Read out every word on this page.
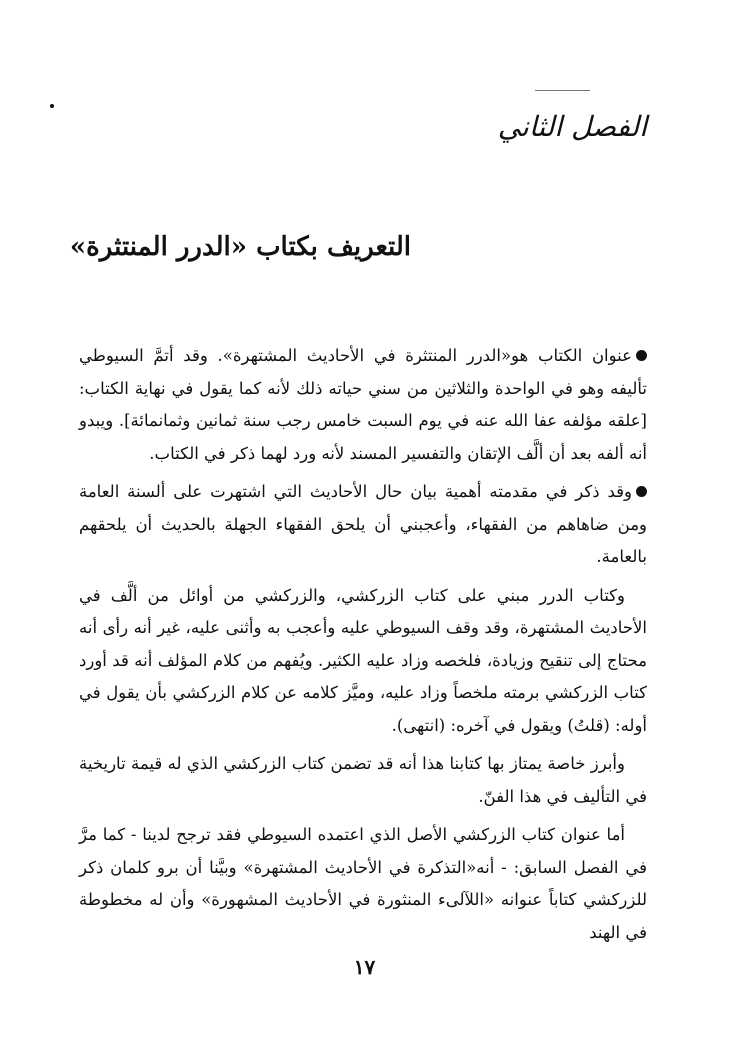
الفصل الثاني
التعريف بكتاب «الدرر المنتثرة»

عنوان الكتاب هو«الدرر المنتثرة في الأحاديث المشتهرة». وقد أتمَّ السيوطي تأليفه وهو في الواحدة والثلاثين من سني حياته ذلك لأنه كما يقول في نهاية الكتاب: [علقه مؤلفه عفا الله عنه في يوم السبت خامس رجب سنة ثمانين وثمانمائة]. ويبدو أنه ألفه بعد أن ألَّف الإتقان والتفسير المسند لأنه ورد لهما ذكر في الكتاب.

وقد ذكر في مقدمته أهمية بيان حال الأحاديث التي اشتهرت على ألسنة العامة ومن ضاهاهم من الفقهاء، وأعجبني أن يلحق الفقهاء الجهلة بالحديث أن يلحقهم بالعامة.

وكتاب الدرر مبني على كتاب الزركشي، والزركشي من أوائل من ألَّف في الأحاديث المشتهرة، وقد وقف السيوطي عليه وأعجب به وأثنى عليه، غير أنه رأى أنه محتاج إلى تنقيح وزيادة، فلخصه وزاد عليه الكثير. ويُفهم من كلام المؤلف أنه قد أورد كتاب الزركشي برمته ملخصاً وزاد عليه، وميَّز كلامه عن كلام الزركشي بأن يقول في أوله: (قلتُ) ويقول في آخره: (انتهى).

وأبرز خاصة يمتاز بها كتابنا هذا أنه قد تضمن كتاب الزركشي الذي له قيمة تاريخية في التأليف في هذا الفنّ.

أما عنوان كتاب الزركشي الأصل الذي اعتمده السيوطي فقد ترجح لدينا - كما مرَّ في الفصل السابق: - أنه«التذكرة في الأحاديث المشتهرة» وبيَّنا أن برو كلمان ذكر للزركشي كتاباً عنوانه «اللآلىء المنثورة في الأحاديث المشهورة» وأن له مخطوطة في الهند

١٧
